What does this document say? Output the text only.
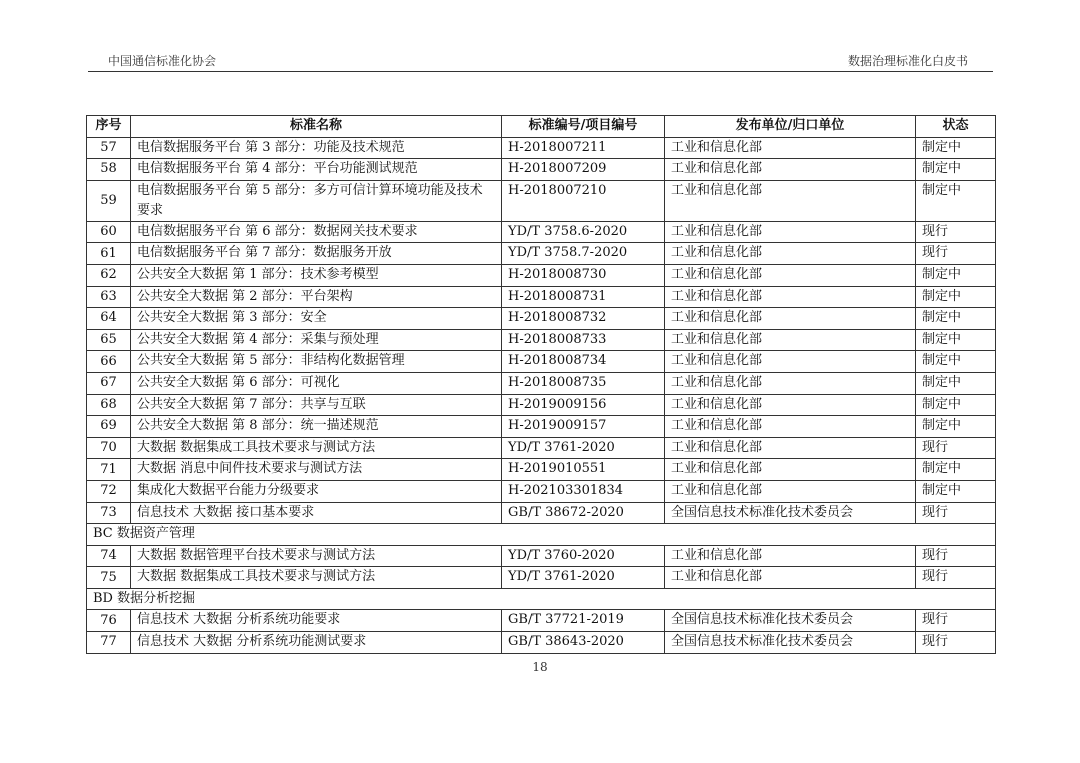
中国通信标准化协会	数据治理标准化白皮书
序号	标准名称	标准编号/项目编号	发布单位/归口单位	状态
57	电信数据服务平台 第 3 部分：功能及技术规范	H-2018007211	工业和信息化部	制定中
58	电信数据服务平台 第 4 部分：平台功能测试规范	H-2018007209	工业和信息化部	制定中
59	电信数据服务平台 第 5 部分：多方可信计算环境功能及技术要求	H-2018007210	工业和信息化部	制定中
60	电信数据服务平台 第 6 部分：数据网关技术要求	YD/T 3758.6-2020	工业和信息化部	现行
61	电信数据服务平台 第 7 部分：数据服务开放	YD/T 3758.7-2020	工业和信息化部	现行
62	公共安全大数据 第 1 部分：技术参考模型	H-2018008730	工业和信息化部	制定中
63	公共安全大数据 第 2 部分：平台架构	H-2018008731	工业和信息化部	制定中
64	公共安全大数据 第 3 部分：安全	H-2018008732	工业和信息化部	制定中
65	公共安全大数据 第 4 部分：采集与预处理	H-2018008733	工业和信息化部	制定中
66	公共安全大数据 第 5 部分：非结构化数据管理	H-2018008734	工业和信息化部	制定中
67	公共安全大数据 第 6 部分：可视化	H-2018008735	工业和信息化部	制定中
68	公共安全大数据 第 7 部分：共享与互联	H-2019009156	工业和信息化部	制定中
69	公共安全大数据 第 8 部分：统一描述规范	H-2019009157	工业和信息化部	制定中
70	大数据 数据集成工具技术要求与测试方法	YD/T 3761-2020	工业和信息化部	现行
71	大数据 消息中间件技术要求与测试方法	H-2019010551	工业和信息化部	制定中
72	集成化大数据平台能力分级要求	H-202103301834	工业和信息化部	制定中
73	信息技术 大数据 接口基本要求	GB/T 38672-2020	全国信息技术标准化技术委员会	现行
BC 数据资产管理				
74	大数据 数据管理平台技术要求与测试方法	YD/T 3760-2020	工业和信息化部	现行
75	大数据 数据集成工具技术要求与测试方法	YD/T 3761-2020	工业和信息化部	现行
BD 数据分析挖掘				
76	信息技术 大数据 分析系统功能要求	GB/T 37721-2019	全国信息技术标准化技术委员会	现行
77	信息技术 大数据 分析系统功能测试要求	GB/T 38643-2020	全国信息技术标准化技术委员会	现行
18
